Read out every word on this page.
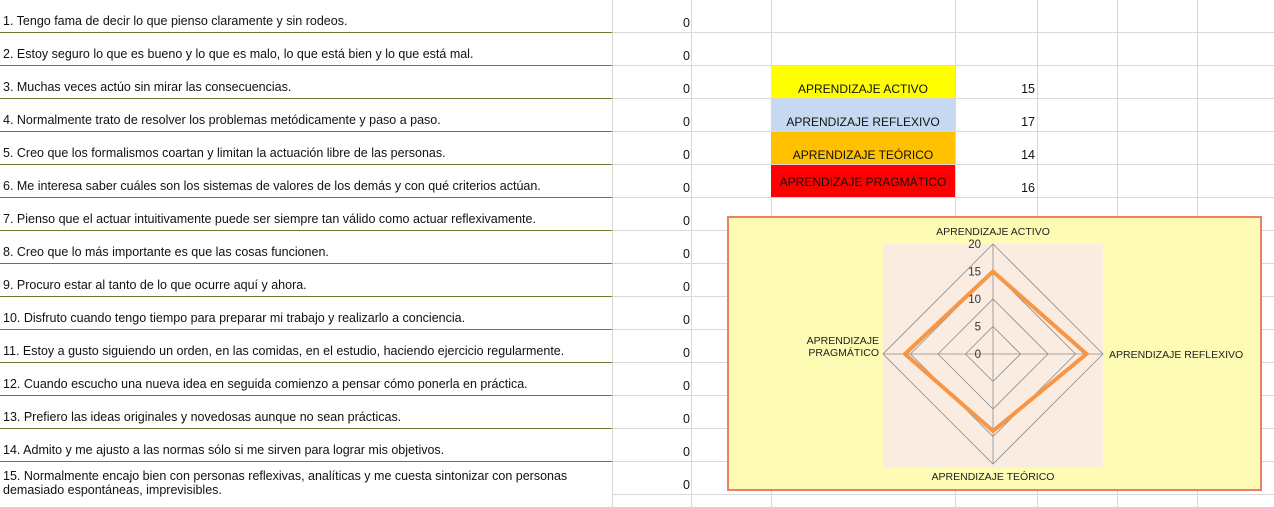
1. Tengo fama de decir lo que pienso claramente y sin rodeos.
2. Estoy seguro lo que es bueno y lo que es malo, lo que está bien y lo que está mal.
3. Muchas veces actúo sin mirar las consecuencias.
4. Normalmente trato de resolver los problemas metódicamente y paso a paso.
5. Creo que los formalismos coartan y limitan la actuación libre de las personas.
6. Me interesa saber cuáles son los sistemas de valores de los demás y con qué criterios actúan.
7. Pienso que el actuar intuitivamente puede ser siempre tan válido como actuar reflexivamente.
8. Creo que lo más importante es que las cosas funcionen.
9. Procuro estar al tanto de lo que ocurre aquí y ahora.
10. Disfruto cuando tengo tiempo para preparar mi trabajo y realizarlo a conciencia.
11. Estoy a gusto siguiendo un orden, en las comidas, en el estudio, haciendo ejercicio regularmente.
12. Cuando escucho una nueva idea en seguida comienzo a pensar cómo ponerla en práctica.
13. Prefiero las ideas originales y novedosas aunque no sean prácticas.
14. Admito y me ajusto a las normas sólo si me sirven para lograr mis objetivos.
15. Normalmente encajo bien con personas reflexivas, analíticas y me cuesta sintonizar con personas demasiado espontáneas, imprevisibles.
0
0
0
0
0
0
0
0
0
0
0
0
0
0
0
APRENDIZAJE ACTIVO
APRENDIZAJE REFLEXIVO
APRENDIZAJE TEÓRICO
APRENDIZAJE PRAGMÁTICO
15
17
14
16
0
5
10
15
20
APRENDIZAJE ACTIVO
APRENDIZAJE REFLEXIVO
APRENDIZAJE TEÓRICO
APRENDIZAJE
PRAGMÁTICO
